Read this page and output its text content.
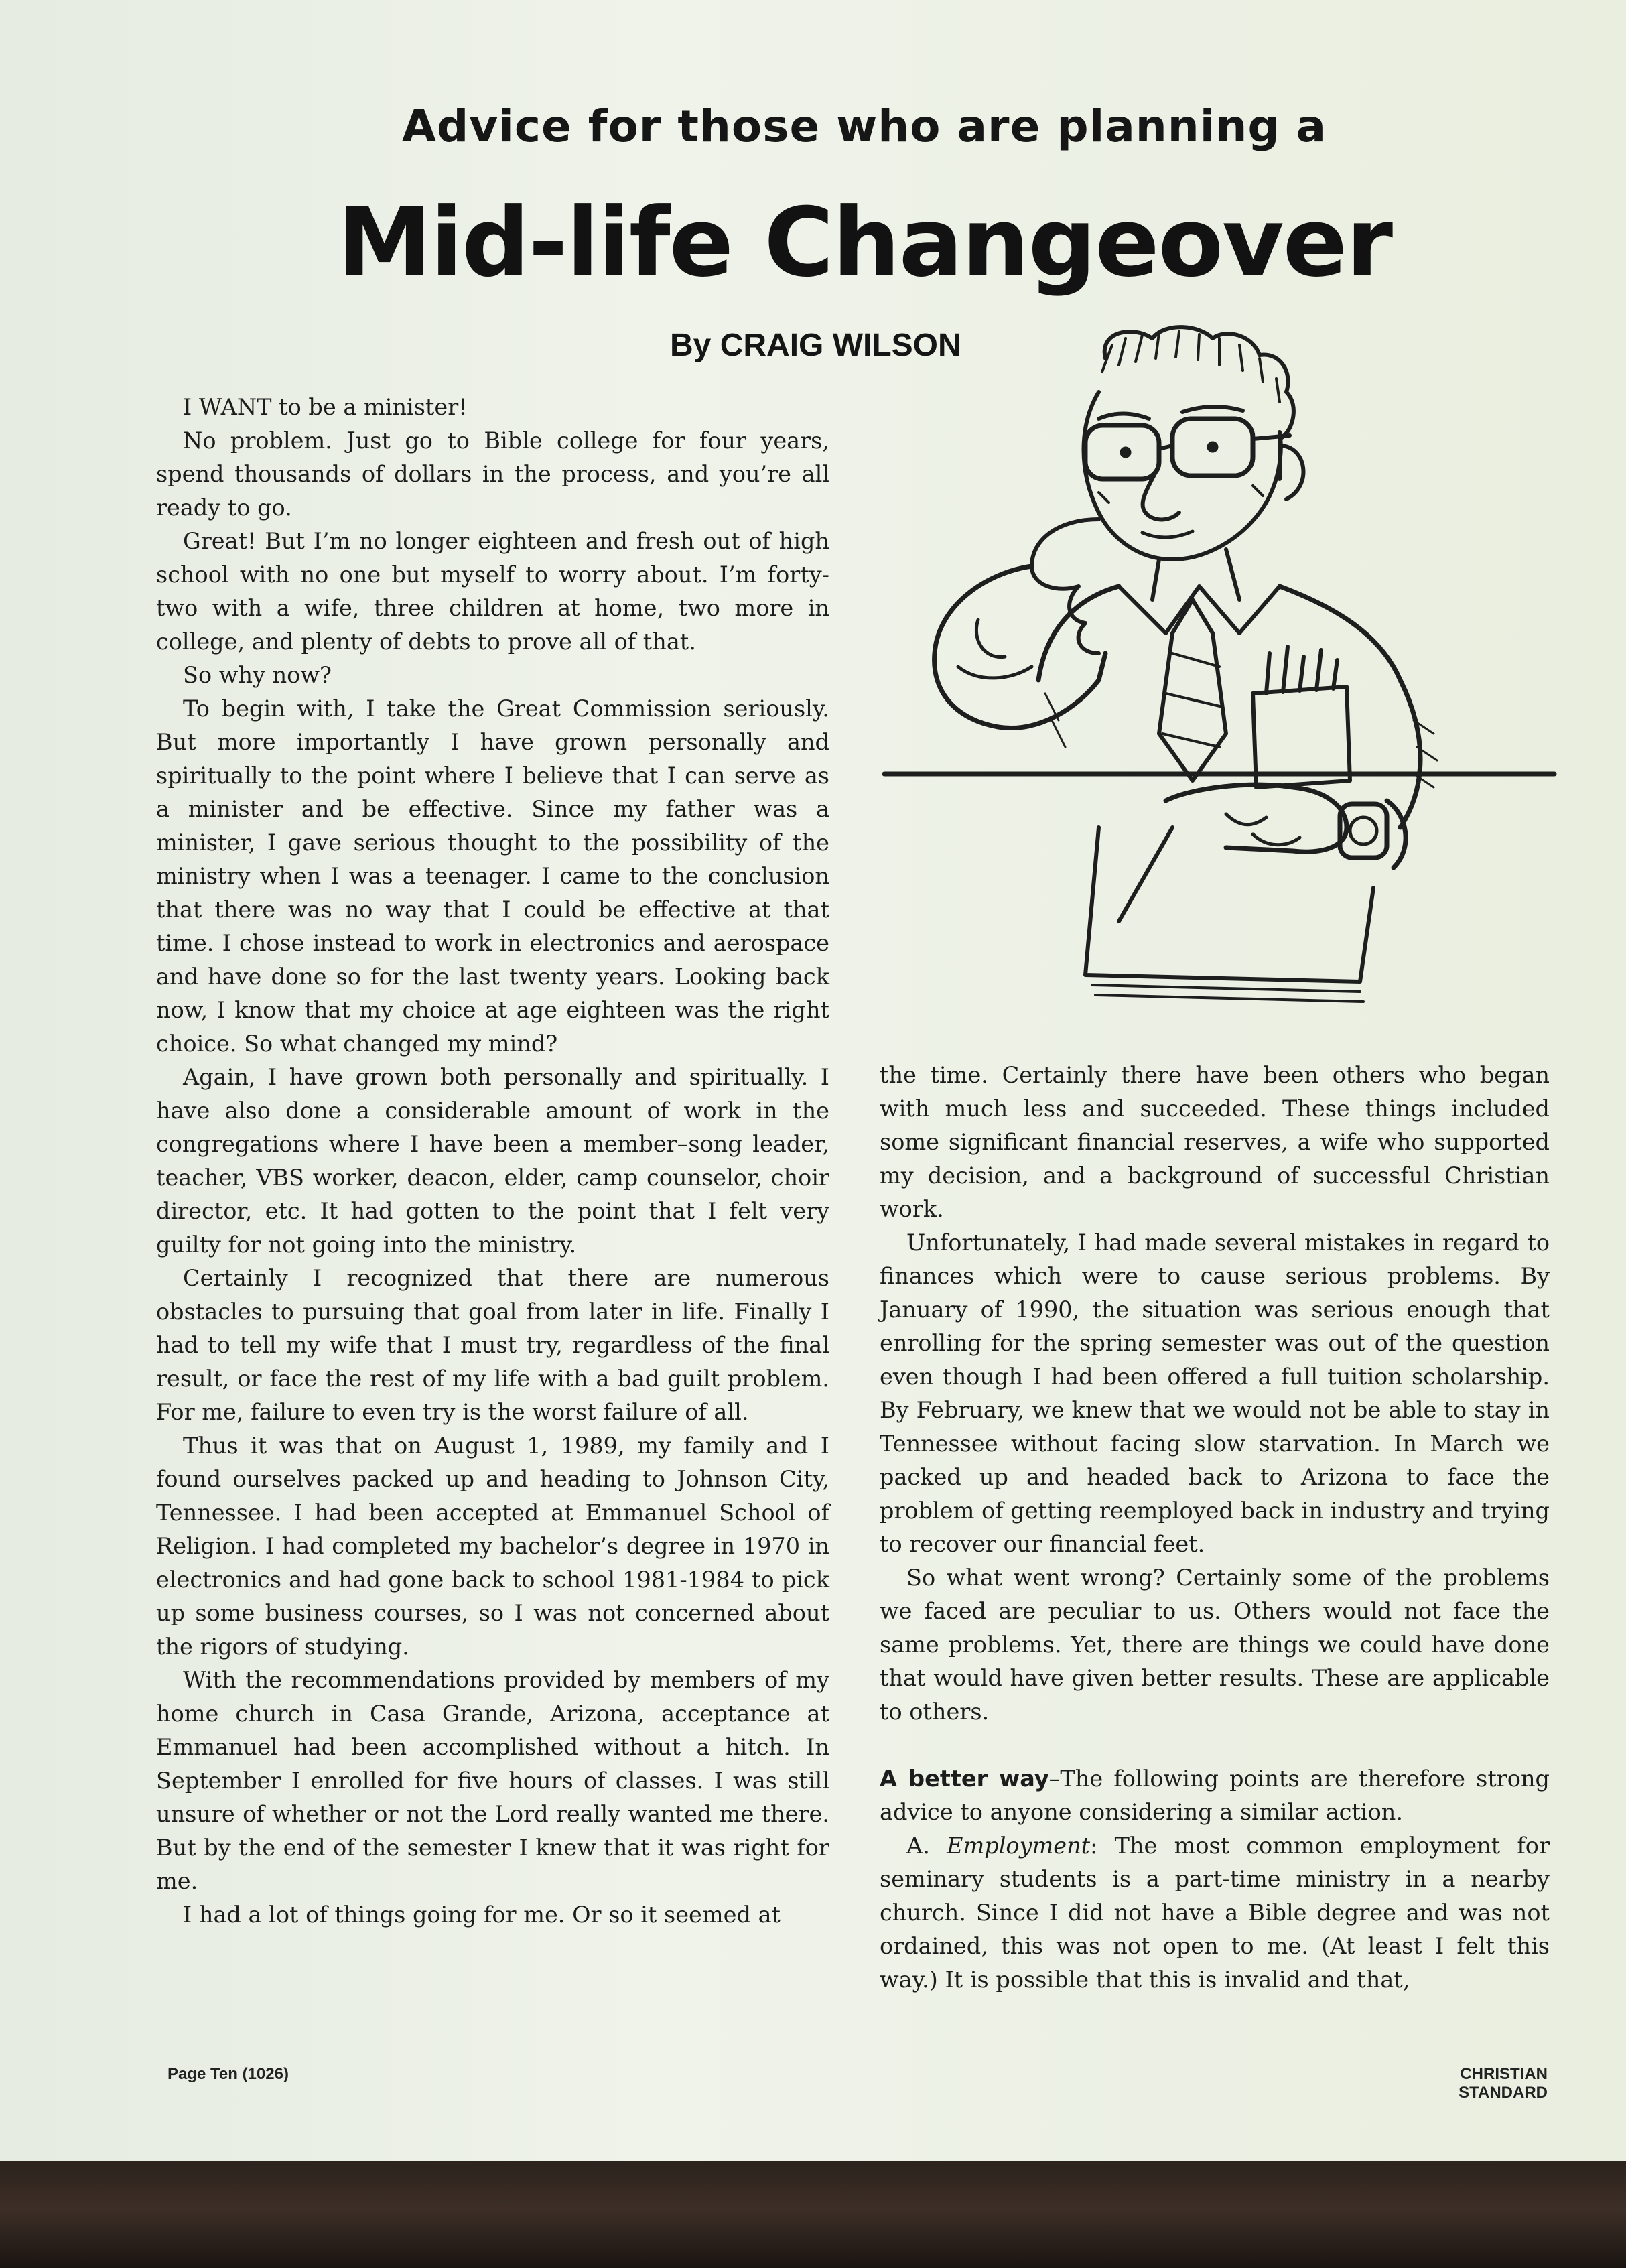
Advice for those who are planning a
Mid-life Changeover
By CRAIG WILSON

I WANT to be a minister!

No problem. Just go to Bible college for four years, spend thousands of dollars in the process, and you’re all ready to go.

Great! But I’m no longer eighteen and fresh out of high school with no one but myself to worry about. I’m forty-two with a wife, three children at home, two more in college, and plenty of debts to prove all of that.

So why now?

To begin with, I take the Great Commission seriously. But more importantly I have grown personally and spiritually to the point where I believe that I can serve as a minister and be effective. Since my father was a minister, I gave serious thought to the possibility of the ministry when I was a teenager. I came to the conclusion that there was no way that I could be effective at that time. I chose instead to work in electronics and aerospace and have done so for the last twenty years. Looking back now, I know that my choice at age eighteen was the right choice. So what changed my mind?

Again, I have grown both personally and spiritually. I have also done a considerable amount of work in the congregations where I have been a member–song leader, teacher, VBS worker, deacon, elder, camp counselor, choir director, etc. It had gotten to the point that I felt very guilty for not going into the ministry.

Certainly I recognized that there are numerous obstacles to pursuing that goal from later in life. Finally I had to tell my wife that I must try, regardless of the final result, or face the rest of my life with a bad guilt problem. For me, failure to even try is the worst failure of all.

Thus it was that on August 1, 1989, my family and I found ourselves packed up and heading to Johnson City, Tennessee. I had been accepted at Emmanuel School of Religion. I had completed my bachelor’s degree in 1970 in electronics and had gone back to school 1981-1984 to pick up some business courses, so I was not concerned about the rigors of studying.

With the recommendations provided by members of my home church in Casa Grande, Arizona, acceptance at Emmanuel had been accomplished without a hitch. In September I enrolled for five hours of classes. I was still unsure of whether or not the Lord really wanted me there. But by the end of the semester I knew that it was right for me.

I had a lot of things going for me. Or so it seemed at

the time. Certainly there have been others who began with much less and succeeded. These things included some significant financial reserves, a wife who supported my decision, and a background of successful Christian work.

Unfortunately, I had made several mistakes in regard to finances which were to cause serious problems. By January of 1990, the situation was serious enough that enrolling for the spring semester was out of the question even though I had been offered a full tuition scholarship. By February, we knew that we would not be able to stay in Tennessee without facing slow starvation. In March we packed up and headed back to Arizona to face the problem of getting reemployed back in industry and trying to recover our financial feet.

So what went wrong? Certainly some of the problems we faced are peculiar to us. Others would not face the same problems. Yet, there are things we could have done that would have given better results. These are applicable to others.

A better way–The following points are therefore strong advice to anyone considering a similar action.

A. Employment: The most common employment for seminary students is a part-time ministry in a nearby church. Since I did not have a Bible degree and was not ordained, this was not open to me. (At least I felt this way.) It is possible that this is invalid and that,

Page Ten (1026)	CHRISTIAN STANDARD
